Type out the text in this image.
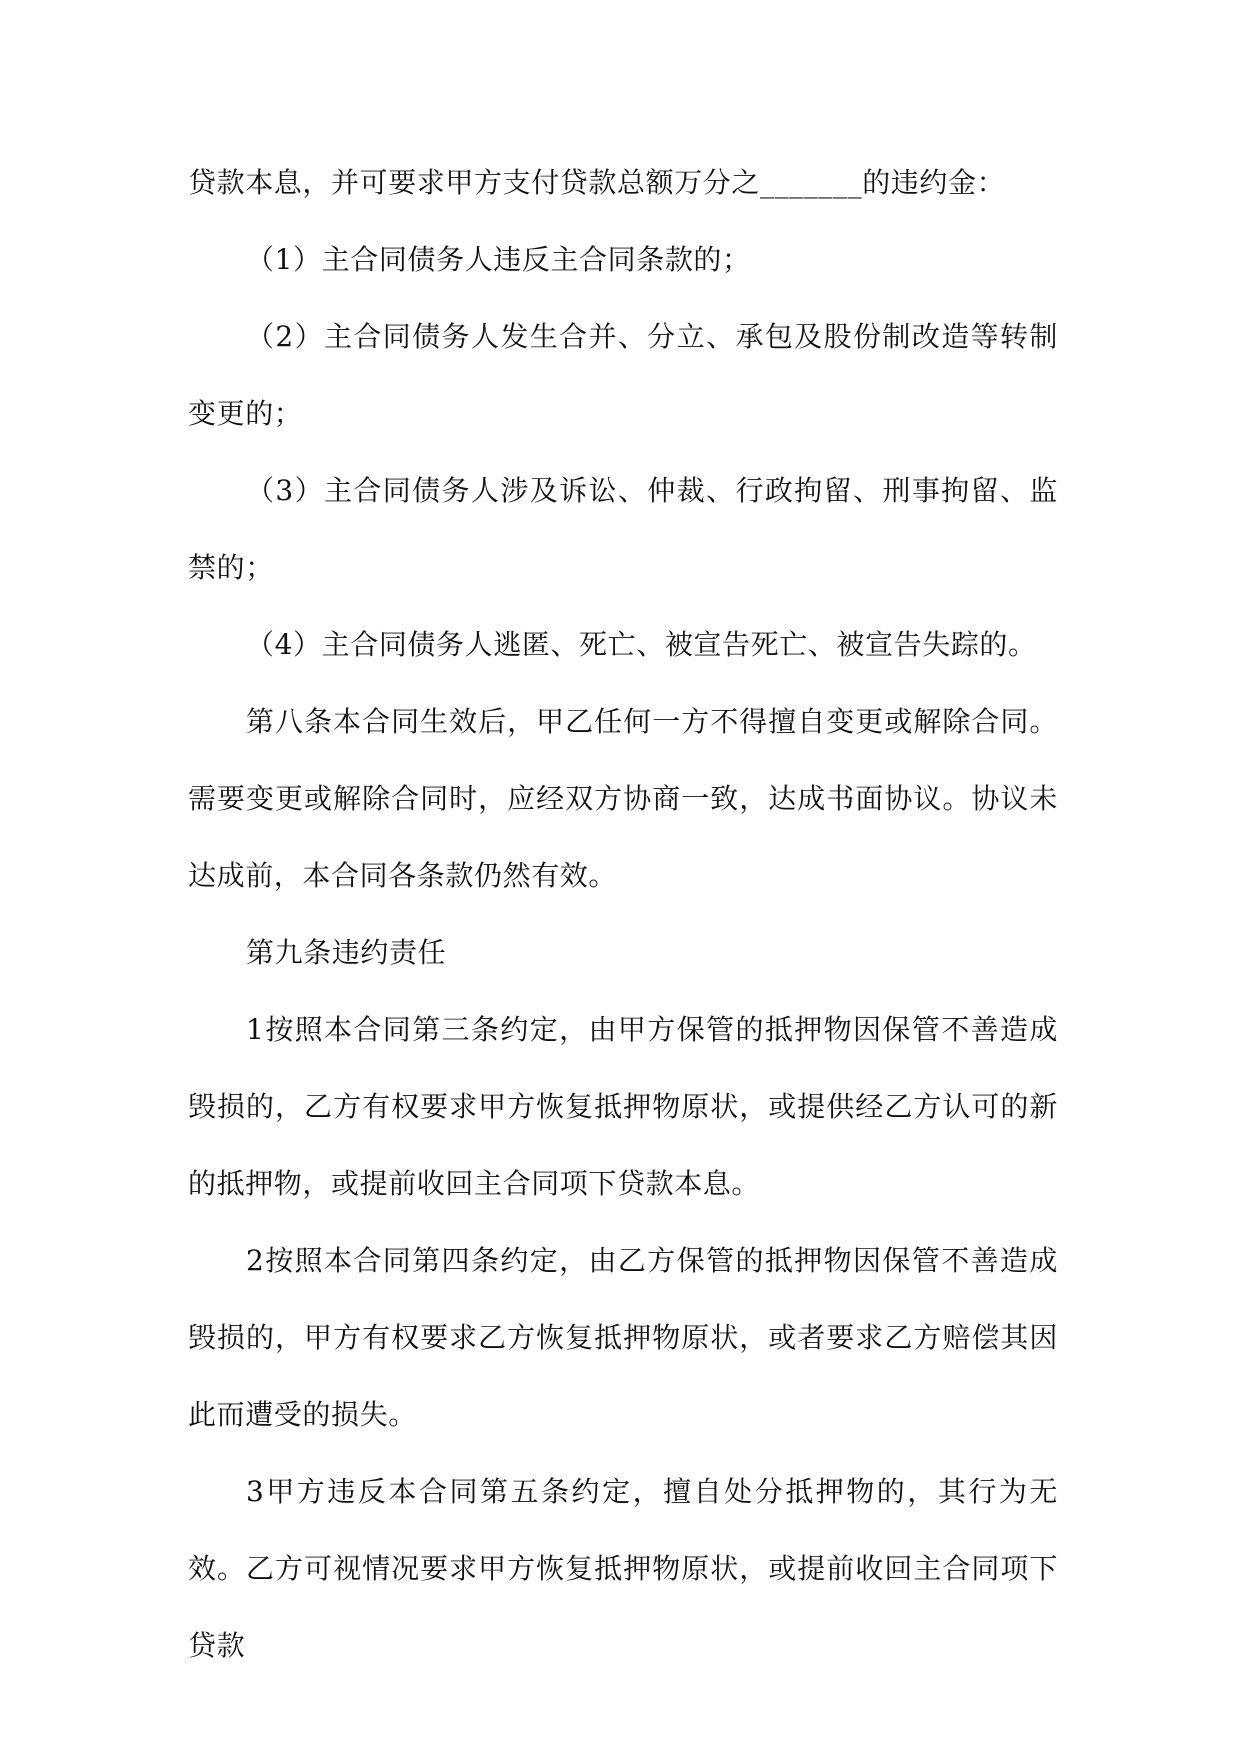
贷款本息，并可要求甲方支付贷款总额万分之_______的违约金：

（1）主合同债务人违反主合同条款的；

（2）主合同债务人发生合并、分立、承包及股份制改造等转制变更的；

（3）主合同债务人涉及诉讼、仲裁、行政拘留、刑事拘留、监禁的；

（4）主合同债务人逃匿、死亡、被宣告死亡、被宣告失踪的。

第八条本合同生效后，甲乙任何一方不得擅自变更或解除合同。需要变更或解除合同时，应经双方协商一致，达成书面协议。协议未达成前，本合同各条款仍然有效。

第九条违约责任

1按照本合同第三条约定，由甲方保管的抵押物因保管不善造成毁损的，乙方有权要求甲方恢复抵押物原状，或提供经乙方认可的新的抵押物，或提前收回主合同项下贷款本息。

2按照本合同第四条约定，由乙方保管的抵押物因保管不善造成毁损的，甲方有权要求乙方恢复抵押物原状，或者要求乙方赔偿其因此而遭受的损失。

3甲方违反本合同第五条约定，擅自处分抵押物的，其行为无效。乙方可视情况要求甲方恢复抵押物原状，或提前收回主合同项下贷款
